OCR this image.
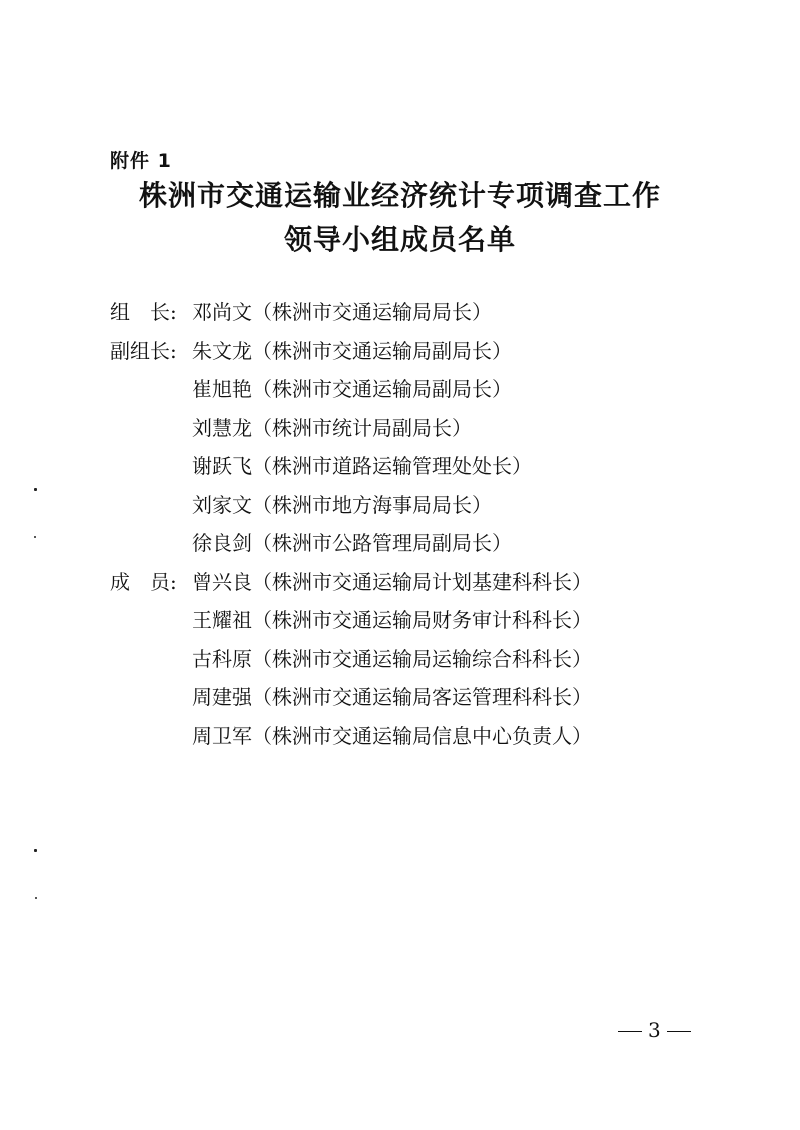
附件 1
株洲市交通运输业经济统计专项调查工作
领导小组成员名单
组　长: 邓尚文 （ 株洲市交通运输局局长 ）
副组长: 朱文龙 （ 株洲市交通运输局副局长 ）
崔旭艳 （ 株洲市交通运输局副局长 ）
刘慧龙 （ 株洲市统计局副局长 ）
谢跃飞 （ 株洲市道路运输管理处处长 ）
刘家文 （ 株洲市地方海事局局长 ）
徐良剑 （ 株洲市公路管理局副局长 ）
成　员: 曾兴良 （ 株洲市交通运输局计划基建科科长 ）
王耀祖 （ 株洲市交通运输局财务审计科科长 ）
古科原 （ 株洲市交通运输局运输综合科科长 ）
周建强 （ 株洲市交通运输局客运管理科科长 ）
周卫军 （ 株洲市交通运输局信息中心负责人 ）
3
